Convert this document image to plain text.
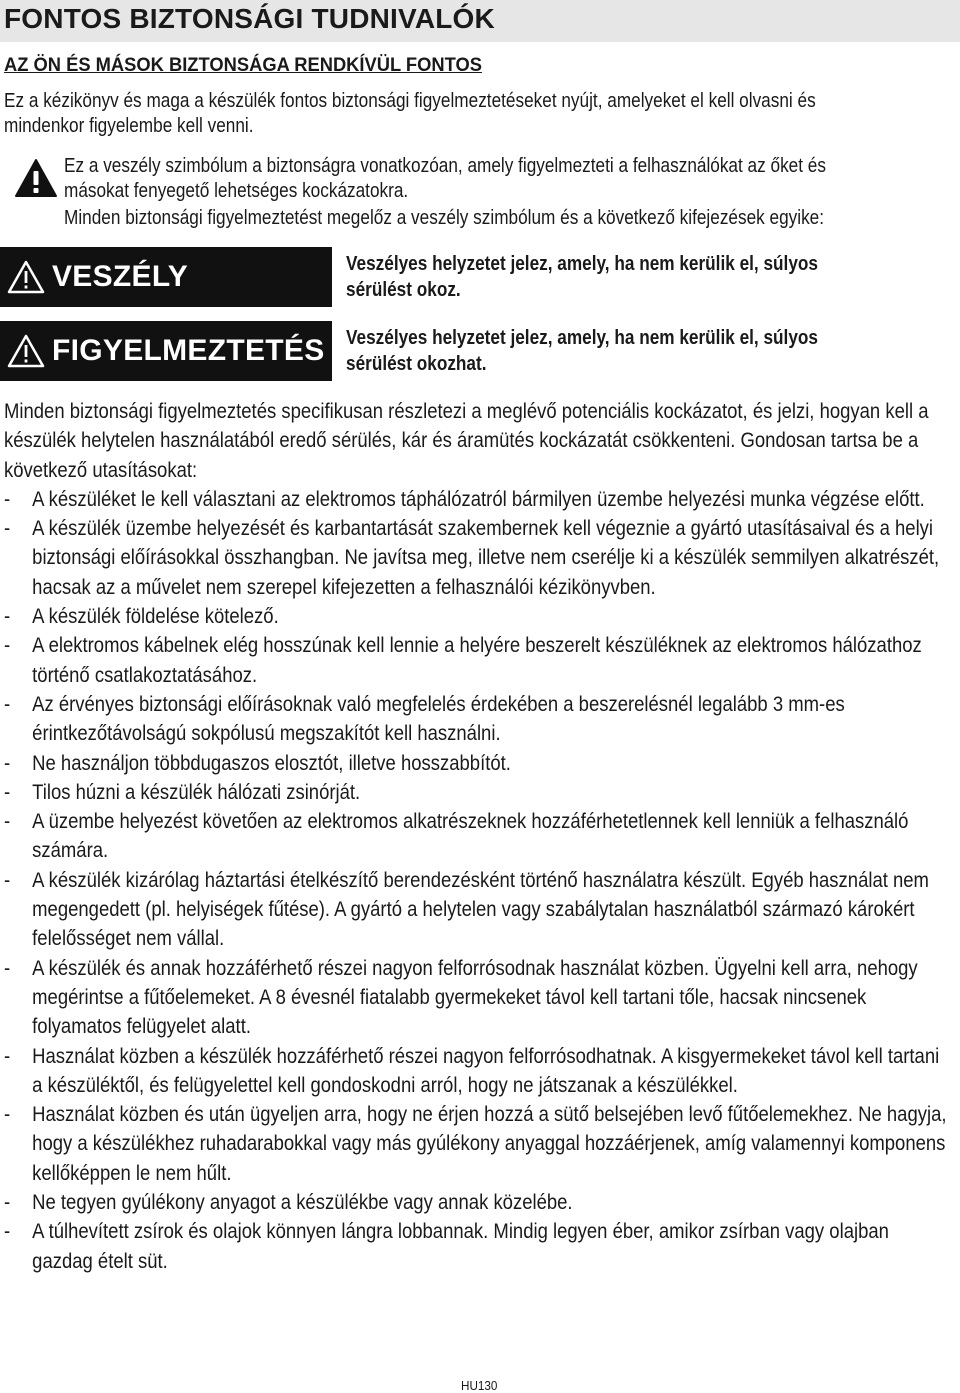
FONTOS BIZTONSÁGI TUDNIVALÓK
AZ ÖN ÉS MÁSOK BIZTONSÁGA RENDKÍVÜL FONTOS
Ez a kézikönyv és maga a készülék fontos biztonsági figyelmeztetéseket nyújt, amelyeket el kell olvasni és
mindenkor figyelembe kell venni.
Ez a veszély szimbólum a biztonságra vonatkozóan, amely figyelmezteti a felhasználókat az őket és
másokat fenyegető lehetséges kockázatokra.
Minden biztonsági figyelmeztetést megelőz a veszély szimbólum és a következő kifejezések egyike:
VESZÉLY	Veszélyes helyzetet jelez, amely, ha nem kerülik el, súlyos
sérülést okoz.
FIGYELMEZTETÉS Veszélyes helyzetet jelez, amely, ha nem kerülik el, súlyos
sérülést okozhat.

Minden biztonsági figyelmeztetés specifikusan részletezi a meglévő potenciális kockázatot, és jelzi, hogyan kell a készülék helytelen használatából eredő sérülés, kár és áramütés kockázatát csökkenteni. Gondosan tartsa be a következő utasításokat:

- A készüléket le kell választani az elektromos táphálózatról bármilyen üzembe helyezési munka végzése előtt.
- A készülék üzembe helyezését és karbantartását szakembernek kell végeznie a gyártó utasításaival és a helyi biztonsági előírásokkal összhangban. Ne javítsa meg, illetve nem cserélje ki a készülék semmilyen alkatrészét, hacsak az a művelet nem szerepel kifejezetten a felhasználói kézikönyvben.
- A készülék földelése kötelező.
- A elektromos kábelnek elég hosszúnak kell lennie a helyére beszerelt készüléknek az elektromos hálózathoz történő csatlakoztatásához.
- Az érvényes biztonsági előírásoknak való megfelelés érdekében a beszerelésnél legalább 3 mm-es érintkezőtávolságú sokpólusú megszakítót kell használni.
- Ne használjon többdugaszos elosztót, illetve hosszabbítót.
- Tilos húzni a készülék hálózati zsinórját.
- A üzembe helyezést követően az elektromos alkatrészeknek hozzáférhetetlennek kell lenniük a felhasználó számára.
- A készülék kizárólag háztartási ételkészítő berendezésként történő használatra készült. Egyéb használat nem megengedett (pl. helyiségek fűtése). A gyártó a helytelen vagy szabálytalan használatból származó károkért felelősséget nem vállal.
- A készülék és annak hozzáférhető részei nagyon felforrósodnak használat közben. Ügyelni kell arra, nehogy megérintse a fűtőelemeket. A 8 évesnél fiatalabb gyermekeket távol kell tartani tőle, hacsak nincsenek folyamatos felügyelet alatt.
- Használat közben a készülék hozzáférhető részei nagyon felforrósodhatnak. A kisgyermekeket távol kell tartani a készüléktől, és felügyelettel kell gondoskodni arról, hogy ne játszanak a készülékkel.
- Használat közben és után ügyeljen arra, hogy ne érjen hozzá a sütő belsejében levő fűtőelemekhez. Ne hagyja, hogy a készülékhez ruhadarabokkal vagy más gyúlékony anyaggal hozzáérjenek, amíg valamennyi komponens kellőképpen le nem hűlt.
- Ne tegyen gyúlékony anyagot a készülékbe vagy annak közelébe.
- A túlhevített zsírok és olajok könnyen lángra lobbannak. Mindig legyen éber, amikor zsírban vagy olajban gazdag ételt süt.
HU130
